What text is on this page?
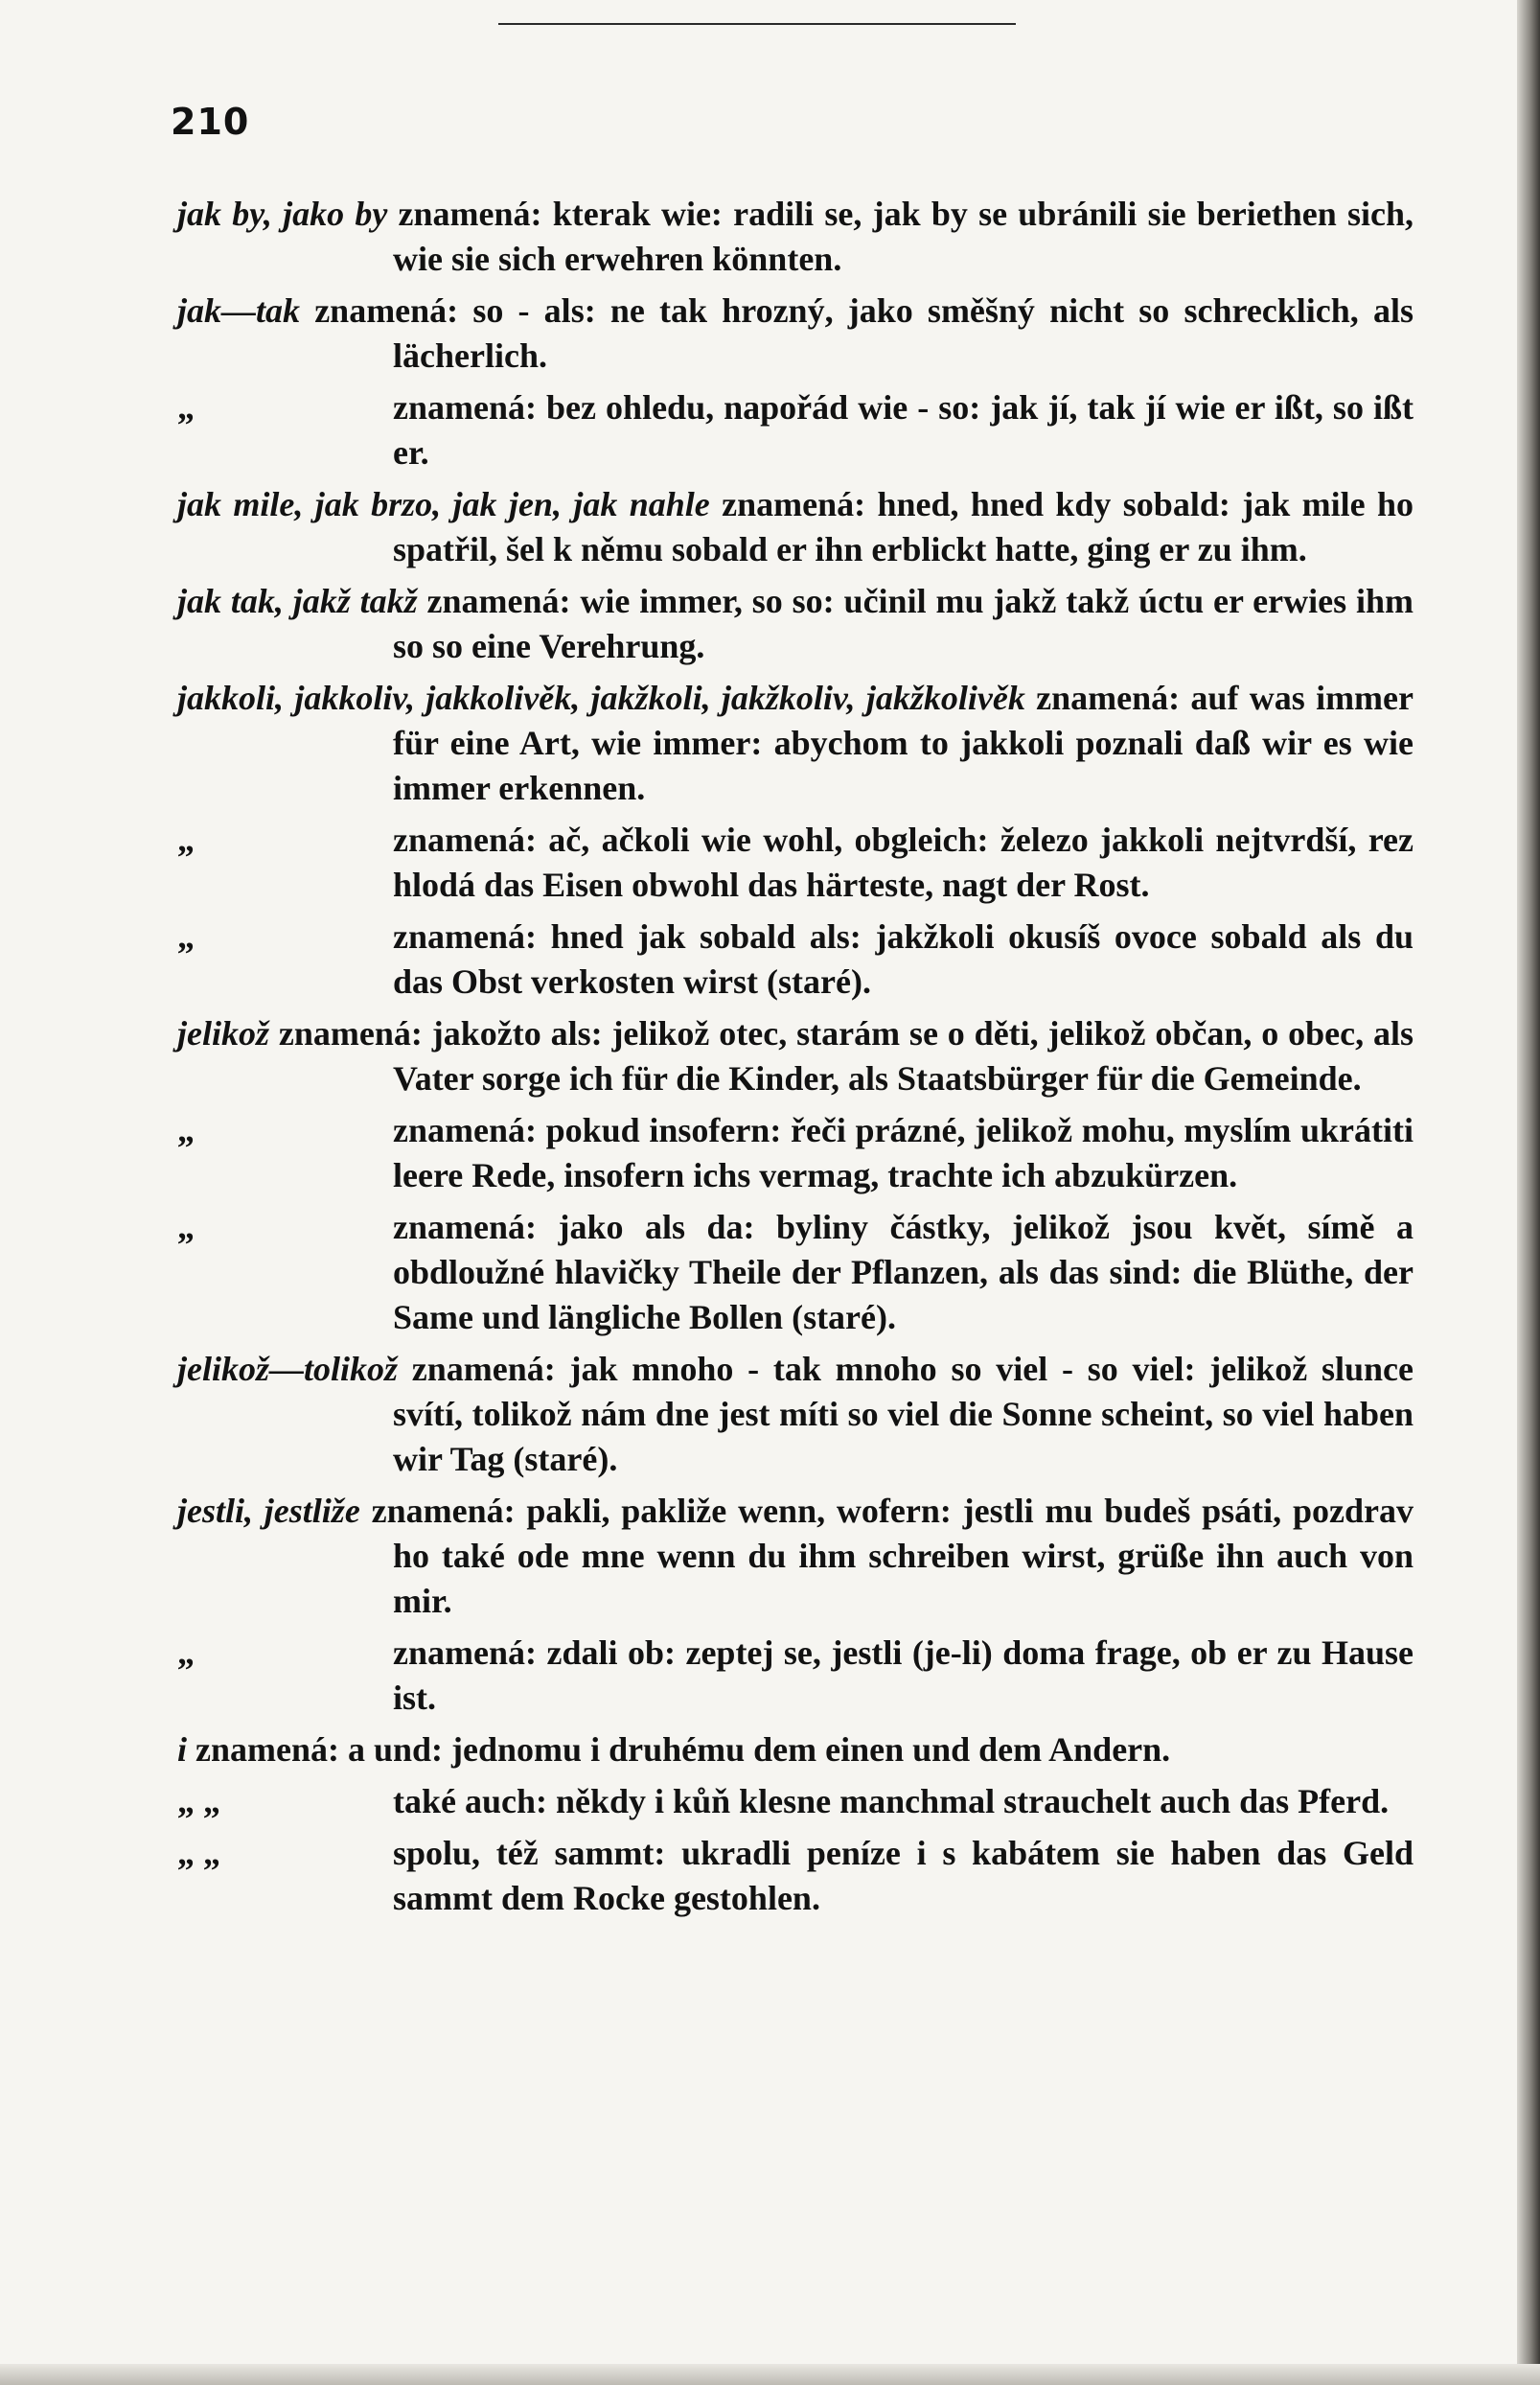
210

jak by, jako by znamená: kterak wie: radili se, jak by se ubránili sie beriethen sich, wie sie sich erwehren könnten.

jak—tak znamená: so - als: ne tak hrozný, jako směšný nicht so schrecklich, als lächerlich.

„	znamená: bez ohledu, napořád wie - so: jak jí, tak jí wie er ißt, so ißt er.

jak mile, jak brzo, jak jen, jak nahle znamená: hned, hned kdy sobald: jak mile ho spatřil, šel k němu sobald er ihn erblickt hatte, ging er zu ihm.

jak tak, jakž takž znamená: wie immer, so so: učinil mu jakž takž úctu er erwies ihm so so eine Verehrung.

jakkoli, jakkoliv, jakkolivěk, jakžkoli, jakžkoliv, jakžkolivěk znamená: auf was immer für eine Art, wie immer: abychom to jakkoli poznali daß wir es wie immer erkennen.

„	znamená: ač, ačkoli wie wohl, obgleich: železo jakkoli nejtvrdší, rez hlodá das Eisen obwohl das härteste, nagt der Rost.

„	znamená: hned jak sobald als: jakžkoli okusíš ovoce sobald als du das Obst verkosten wirst (staré).

jelikož znamená: jakožto als: jelikož otec, starám se o děti, jelikož občan, o obec, als Vater sorge ich für die Kinder, als Staatsbürger für die Gemeinde.

„	znamená: pokud insofern: řeči prázné, jelikož mohu, myslím ukrátiti leere Rede, insofern ichs vermag, trachte ich abzukürzen.

„	znamená: jako als da: byliny částky, jelikož jsou květ, símě a obdloužné hlavičky Theile der Pflanzen, als das sind: die Blüthe, der Same und längliche Bollen (staré).

jelikož—tolikož znamená: jak mnoho - tak mnoho so viel - so viel: jelikož slunce svítí, tolikož nám dne jest míti so viel die Sonne scheint, so viel haben wir Tag (staré).

jestli, jestliže znamená: pakli, pakliže wenn, wofern: jestli mu budeš psáti, pozdrav ho také ode mne wenn du ihm schreiben wirst, grüße ihn auch von mir.

„	znamená: zdali ob: zeptej se, jestli (je-li) doma frage, ob er zu Hause ist.

i znamená: a und: jednomu i druhému dem einen und dem Andern.

„ „	také auch: někdy i kůň klesne manchmal strauchelt auch das Pferd.

„ „	spolu, též sammt: ukradli peníze i s kabátem sie haben das Geld sammt dem Rocke gestohlen.
